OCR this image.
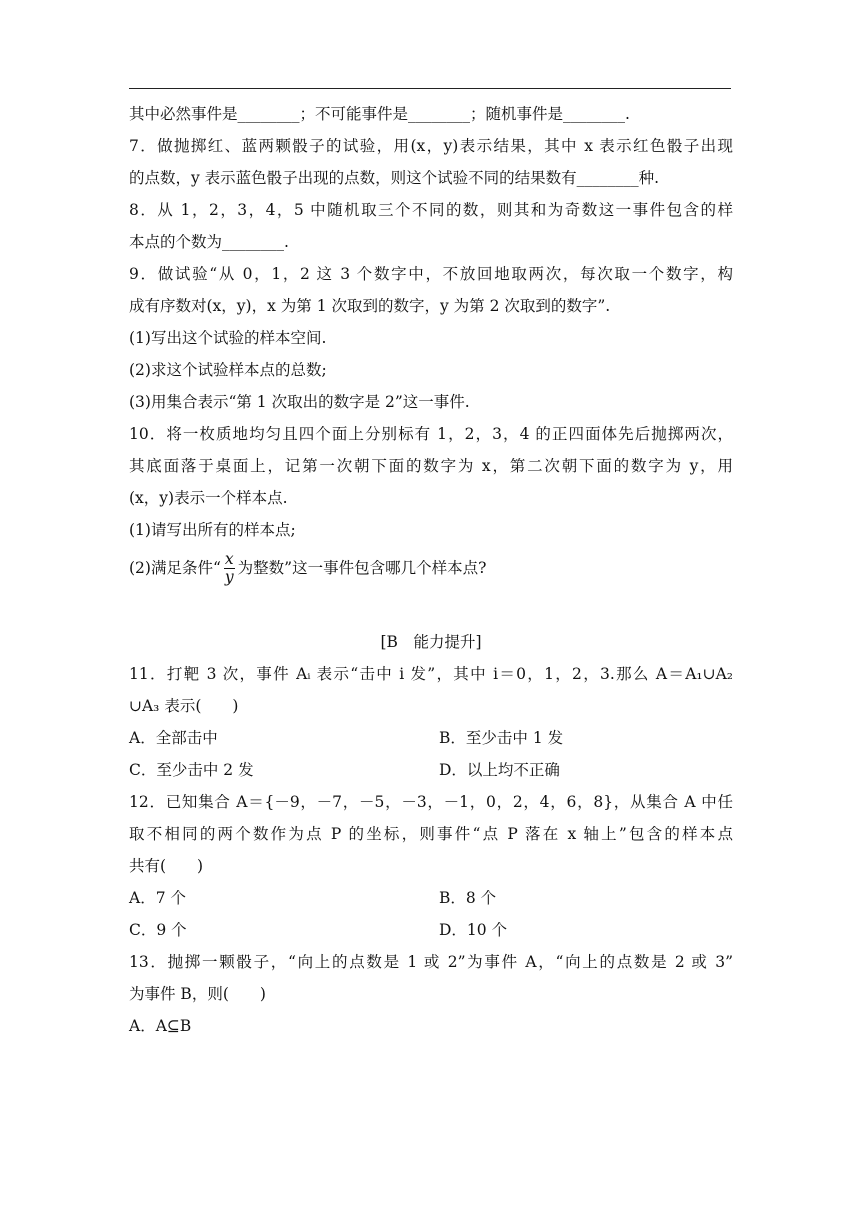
其中必然事件是________；不可能事件是________；随机事件是________.
7．做抛掷红、蓝两颗骰子的试验，用(x，y)表示结果，其中 x 表示红色骰子出现
的点数，y 表示蓝色骰子出现的点数，则这个试验不同的结果数有________种.
8．从 1，2，3，4，5 中随机取三个不同的数，则其和为奇数这一事件包含的样
本点的个数为________.
9．做试验“从 0，1，2 这 3 个数字中，不放回地取两次，每次取一个数字，构
成有序数对(x，y)，x 为第 1 次取到的数字，y 为第 2 次取到的数字”.
(1)写出这个试验的样本空间.
(2)求这个试验样本点的总数;
(3)用集合表示“第 1 次取出的数字是 2”这一事件.
10．将一枚质地均匀且四个面上分别标有 1，2，3，4 的正四面体先后抛掷两次，
其底面落于桌面上，记第一次朝下面的数字为 x，第二次朝下面的数字为 y，用
(x，y)表示一个样本点.
(1)请写出所有的样本点;
(2)满足条件“ $\frac{x}{y}$ 为整数”这一事件包含哪几个样本点?
[B　能力提升]
11．打靶 3 次，事件 Aᵢ 表示“击中 i 发”，其中 i＝0，1，2，3.那么 A＝A₁∪A₂
∪A₃ 表示(　　)
A．全部击中	B．至少击中 1 发
C．至少击中 2 发	D．以上均不正确
12．已知集合 A＝{－9，－7，－5，－3，－1，0，2，4，6，8}，从集合 A 中任
取不相同的两个数作为点 P 的坐标，则事件“点 P 落在 x 轴上”包含的样本点
共有(　　)
A．7 个	B．8 个
C．9 个	D．10 个
13．抛掷一颗骰子，“向上的点数是 1 或 2”为事件 A，“向上的点数是 2 或 3”
为事件 B，则(　　)
A．A⊆B
